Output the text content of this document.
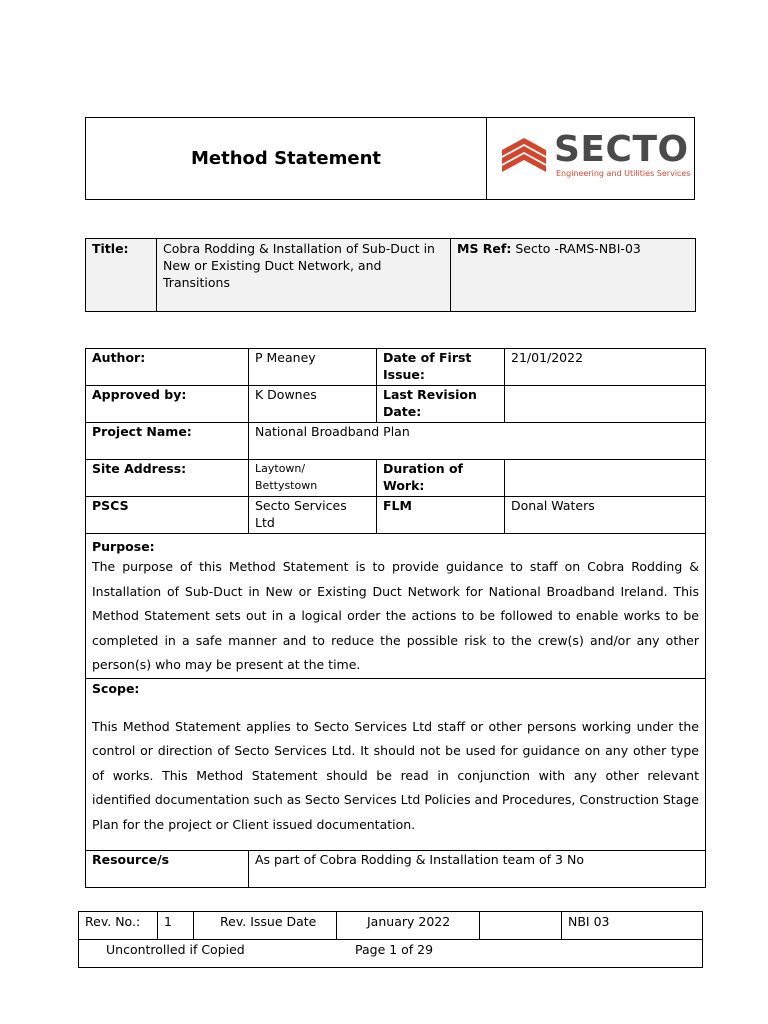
Method Statement	SECTO
Engineering and Utilities Services
Title:	Cobra Rodding & Installation of Sub-Duct in New or Existing Duct Network, and Transitions	MS Ref: Secto -RAMS-NBI-03
Author:	P Meaney	Date of First Issue:	21/01/2022
Approved by:	K Downes	Last Revision Date:	
Project Name:	National Broadband Plan		
Site Address:	Laytown/ Bettystown	Duration of Work:	
PSCS	Secto Services Ltd	FLM	Donal Waters

Purpose:
The purpose of this Method Statement is to provide guidance to staff on Cobra Rodding & Installation of Sub-Duct in New or Existing Duct Network for National Broadband Ireland. This Method Statement sets out in a logical order the actions to be followed to enable works to be completed in a safe manner and to reduce the possible risk to the crew(s) and/or any other person(s) who may be present at the time.			

Scope:
This Method Statement applies to Secto Services Ltd staff or other persons working under the control or direction of Secto Services Ltd. It should not be used for guidance on any other type of works. This Method Statement should be read in conjunction with any other relevant identified documentation such as Secto Services Ltd Policies and Procedures, Construction Stage Plan for the project or Client issued documentation.			

Resource/s	As part of Cobra Rodding & Installation team of 3 No		
Rev. No.:	1	Rev. Issue Date	January 2022		NBI 03

Uncontrolled if Copied	Page 1 of 29
